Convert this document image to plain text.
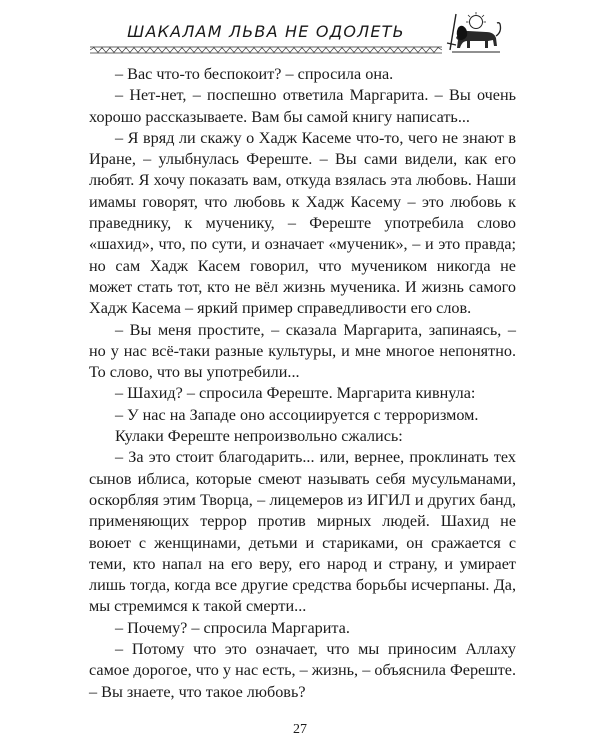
ШАКАЛАМ ЛЬВА НЕ ОДОЛЕТЬ

– Вас что-то беспокоит? – спросила она.

– Нет-нет, – поспешно ответила Маргарита. – Вы очень хорошо рассказываете. Вам бы самой книгу написать...

– Я вряд ли скажу о Хадж Касеме что-то, чего не знают в Иране, – улыбнулась Фереште. – Вы сами видели, как его любят. Я хочу показать вам, откуда взялась эта любовь. Наши имамы говорят, что любовь к Хадж Касему – это любовь к праведнику, к мученику, – Фереште употребила слово «шахид», что, по сути, и означает «мученик», – и это правда; но сам Хадж Касем говорил, что мучеником никогда не может стать тот, кто не вёл жизнь мученика. И жизнь самого Хадж Касема – яркий пример справедливости его слов.

– Вы меня простите, – сказала Маргарита, запинаясь, – но у нас всё-таки разные культуры, и мне многое непонятно. То слово, что вы употребили...

– Шахид? – спросила Фереште. Маргарита кивнула:

– У нас на Западе оно ассоциируется с терроризмом.

Кулаки Фереште непроизвольно сжались:

– За это стоит благодарить... или, вернее, проклинать тех сынов иблиса, которые смеют называть себя мусульманами, оскорбляя этим Творца, – лицемеров из ИГИЛ и других банд, применяющих террор против мирных людей. Шахид не воюет с женщинами, детьми и стариками, он сражается с теми, кто напал на его веру, его народ и страну, и умирает лишь тогда, когда все другие средства борьбы исчерпаны. Да, мы стремимся к такой смерти...

– Почему? – спросила Маргарита.

– Потому что это означает, что мы приносим Аллаху самое дорогое, что у нас есть, – жизнь, – объяснила Фереште. – Вы знаете, что такое любовь?

27
